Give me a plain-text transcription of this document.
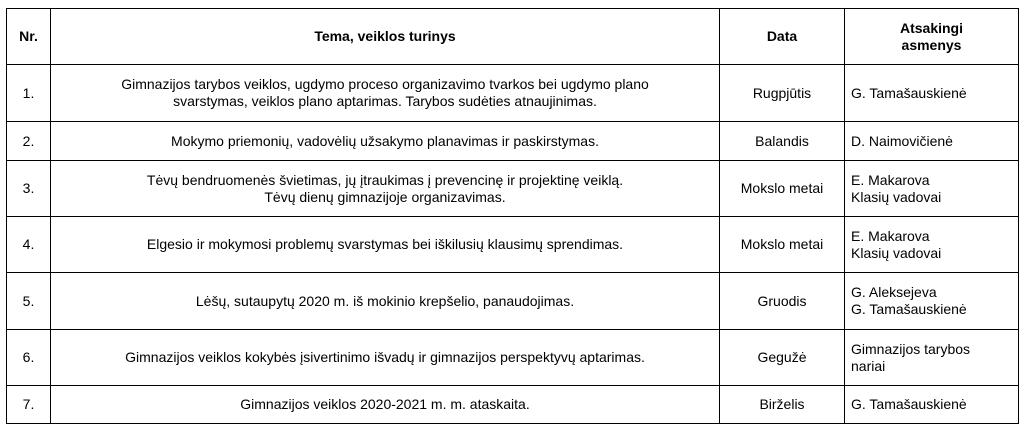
Nr.	Tema, veiklos turinys	Data	Atsakingi
asmenys

1.	Gimnazijos tarybos veiklos, ugdymo proceso organizavimo tvarkos bei ugdymo plano
svarstymas, veiklos plano aptarimas. Tarybos sudėties atnaujinimas.	Rugpjūtis	G. Tamašauskienė

2.	Mokymo priemonių, vadovėlių užsakymo planavimas ir paskirstymas.	Balandis	D. Naimovičienė

3.	Tėvų bendruomenės švietimas, jų įtraukimas į prevencinę ir projektinę veiklą.
Tėvų dienų gimnazijoje organizavimas.	Mokslo metai	E. Makarova
Klasių vadovai

4.	Elgesio ir mokymosi problemų svarstymas bei iškilusių klausimų sprendimas.	Mokslo metai	E. Makarova
Klasių vadovai

5.	Lėšų, sutaupytų 2020 m. iš mokinio krepšelio, panaudojimas.	Gruodis	G. Aleksejeva
G. Tamašauskienė

6.	Gimnazijos veiklos kokybės įsivertinimo išvadų ir gimnazijos perspektyvų aptarimas.	Gegužė	Gimnazijos tarybos
nariai

7.	Gimnazijos veiklos 2020-2021 m. m. ataskaita.	Birželis	G. Tamašauskienė
